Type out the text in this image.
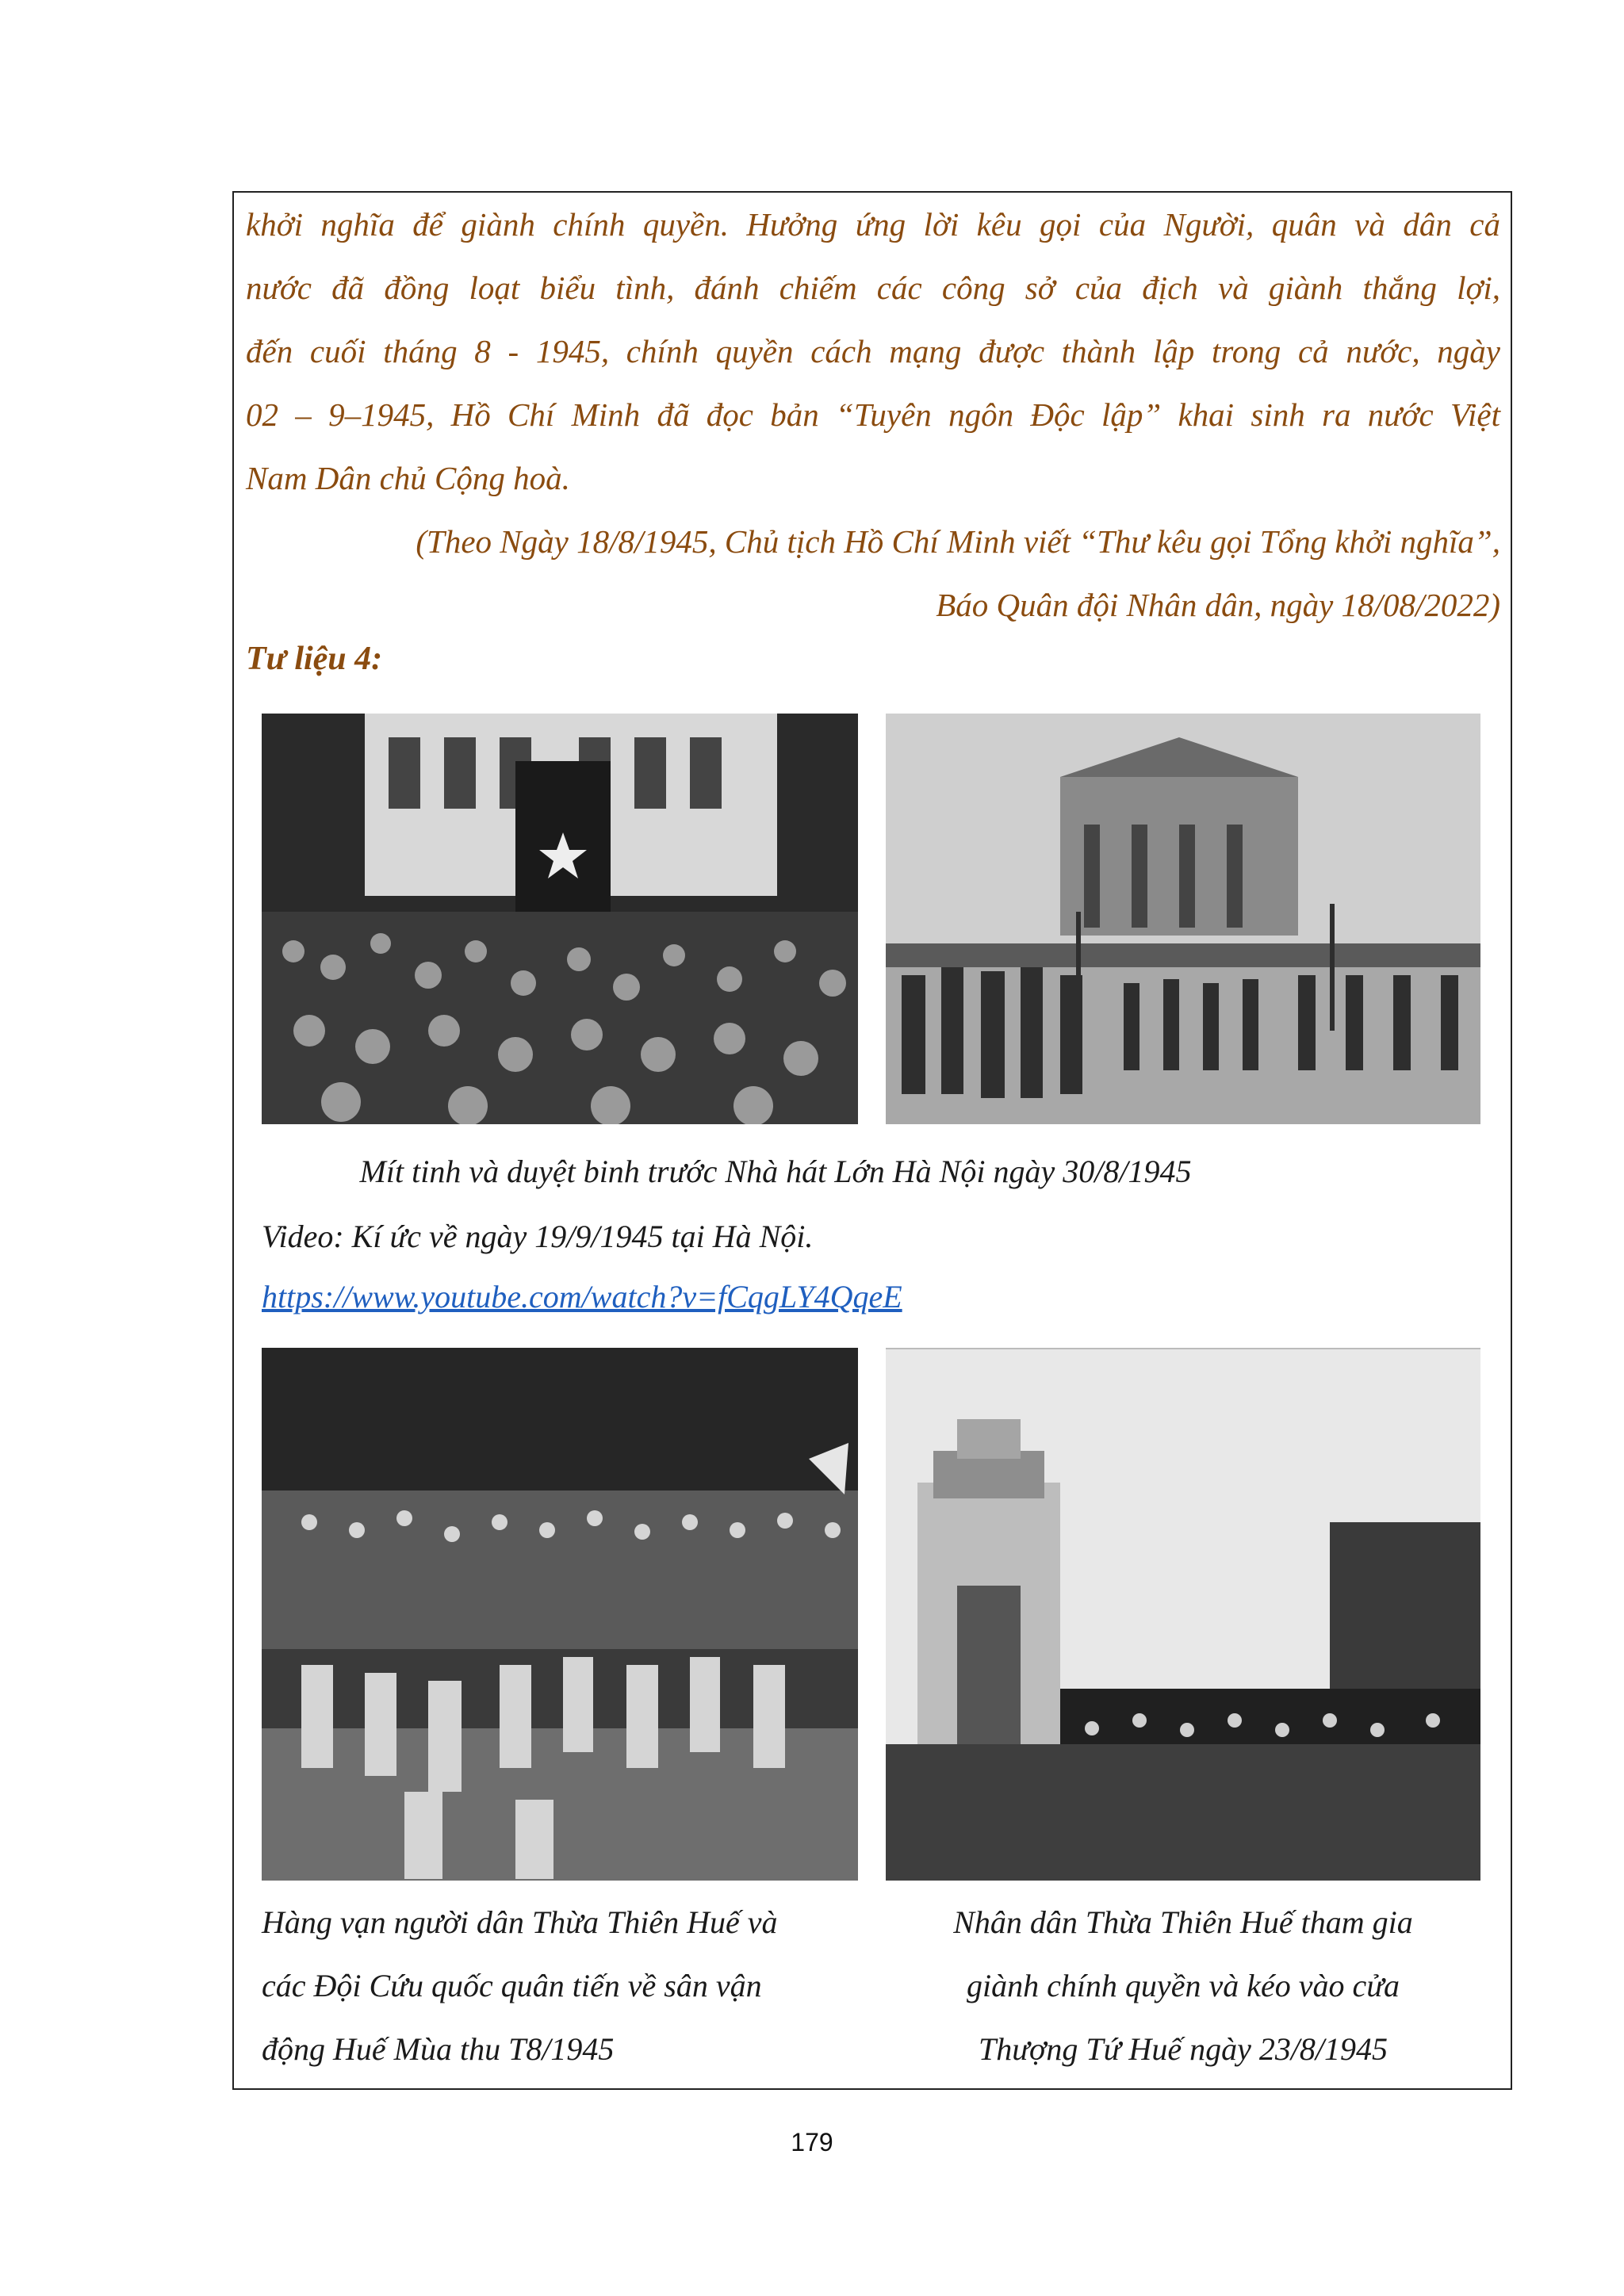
khởi nghĩa để giành chính quyền. Hưởng ứng lời kêu gọi của Người, quân và dân cả

nước đã đồng loạt biểu tình, đánh chiếm các công sở của địch và giành thắng lợi,

đến cuối tháng 8 - 1945, chính quyền cách mạng được thành lập trong cả nước, ngày

02 – 9–1945, Hồ Chí Minh đã đọc bản “Tuyên ngôn Độc lập” khai sinh ra nước Việt

Nam Dân chủ Cộng hoà.

(Theo Ngày 18/8/1945, Chủ tịch Hồ Chí Minh viết “Thư kêu gọi Tổng khởi nghĩa”,
Báo Quân đội Nhân dân, ngày 18/08/2022)
Tư liệu 4:
Mít tinh và duyệt binh trước Nhà hát Lớn Hà Nội ngày 30/8/1945
Video: Kí ức về ngày 19/9/1945 tại Hà Nội.
https://www.youtube.com/watch?v=fCqgLY4QqeE
Hàng vạn người dân Thừa Thiên Huế và
các Đội Cứu quốc quân tiến về sân vận
động Huế Mùa thu T8/1945
Nhân dân Thừa Thiên Huế tham gia
giành chính quyền và kéo vào cửa
Thượng Tứ Huế ngày 23/8/1945
179
